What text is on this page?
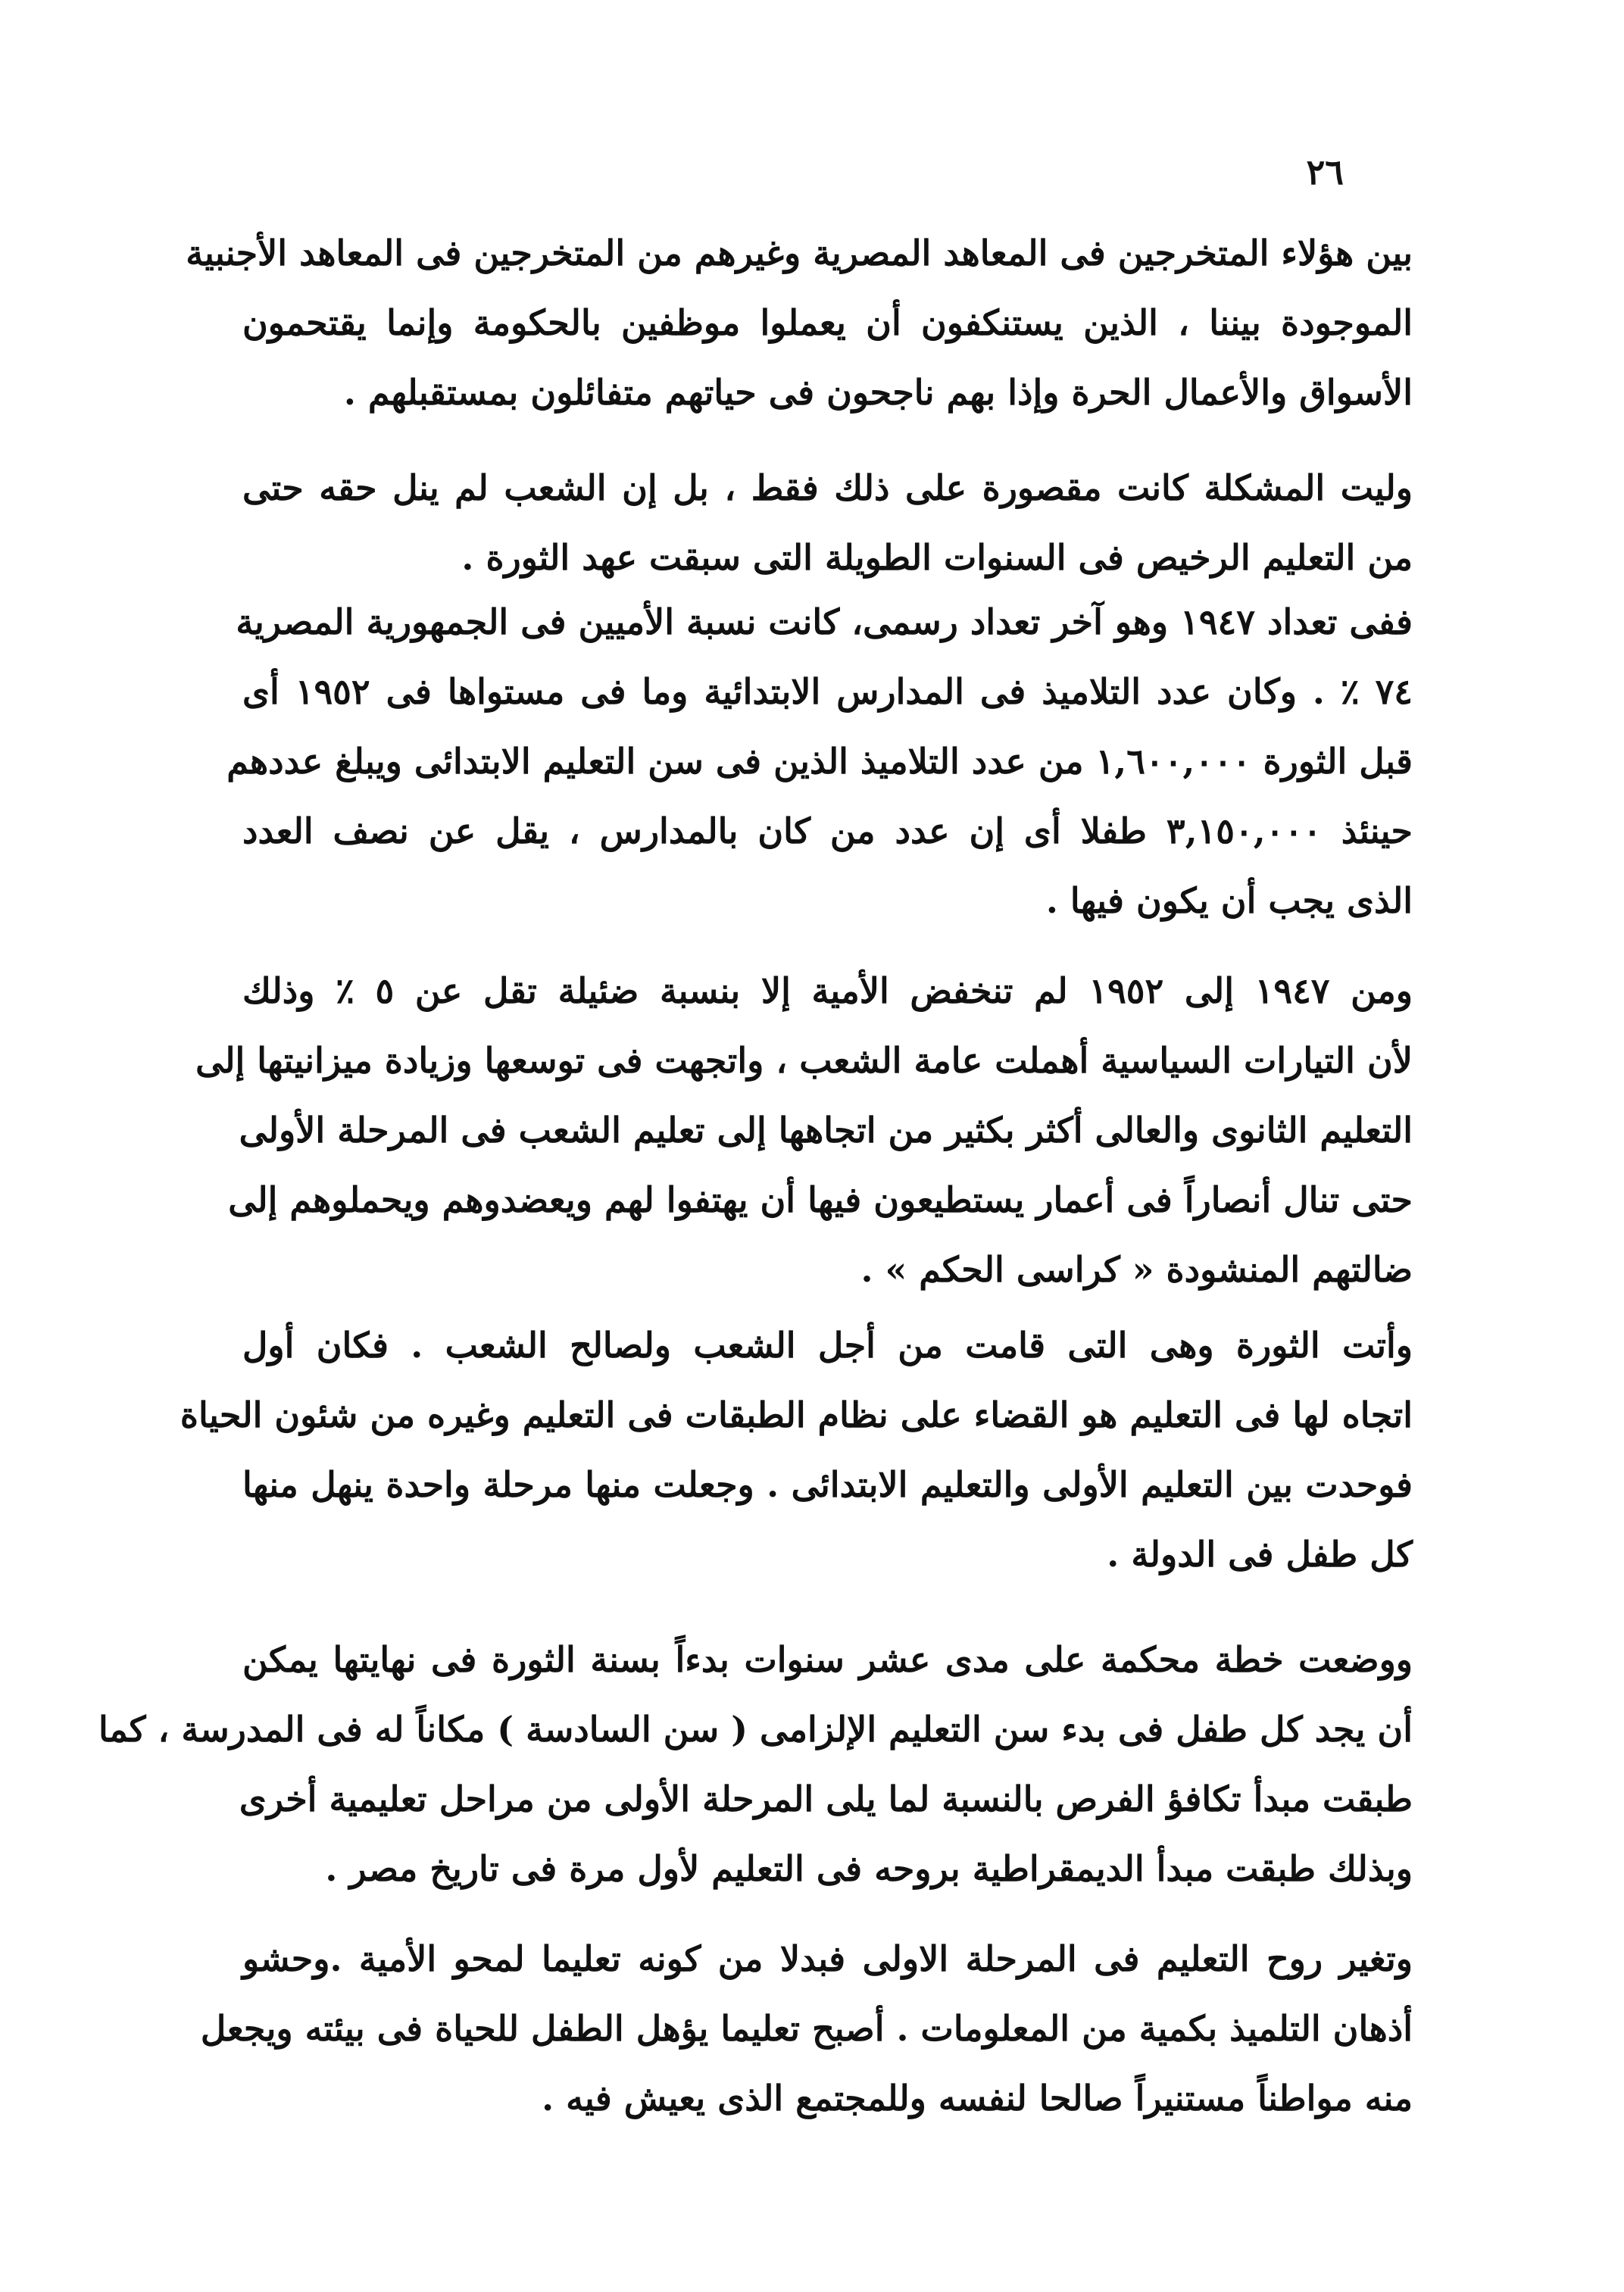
٢٦
بين هؤلاء المتخرجين فى المعاهد المصرية وغيرهم من المتخرجين فى المعاهد الأجنبية
الموجودة بيننا ، الذين يستنكفون أن يعملوا موظفين بالحكومة وإنما يقتحمون
الأسواق والأعمال الحرة وإذا بهم ناجحون فى حياتهم متفائلون بمستقبلهم .
وليت المشكلة كانت مقصورة على ذلك فقط ، بل إن الشعب لم ينل حقه حتى
من التعليم الرخيص فى السنوات الطويلة التى سبقت عهد الثورة .
ففى تعداد ١٩٤٧ وهو آخر تعداد رسمى، كانت نسبة الأميين فى الجمهورية المصرية
٧٤ ٪ . وكان عدد التلاميذ فى المدارس الابتدائية وما فى مستواها فى ١٩٥٢ أى
قبل الثورة ١,٦٠٠,٠٠٠ من عدد التلاميذ الذين فى سن التعليم الابتدائى ويبلغ عددهم
حينئذ ٣,١٥٠,٠٠٠ طفلا أى إن عدد من كان بالمدارس ، يقل عن نصف العدد
الذى يجب أن يكون فيها .
ومن ١٩٤٧ إلى ١٩٥٢ لم تنخفض الأمية إلا بنسبة ضئيلة تقل عن ٥ ٪ وذلك
لأن التيارات السياسية أهملت عامة الشعب ، واتجهت فى توسعها وزيادة ميزانيتها إلى
التعليم الثانوى والعالى أكثر بكثير من اتجاهها إلى تعليم الشعب فى المرحلة الأولى
حتى تنال أنصاراً فى أعمار يستطيعون فيها أن يهتفوا لهم ويعضدوهم ويحملوهم إلى
ضالتهم المنشودة « كراسى الحكم » .
وأتت الثورة وهى التى قامت من أجل الشعب ولصالح الشعب . فكان أول
اتجاه لها فى التعليم هو القضاء على نظام الطبقات فى التعليم وغيره من شئون الحياة
فوحدت بين التعليم الأولى والتعليم الابتدائى . وجعلت منها مرحلة واحدة ينهل منها
كل طفل فى الدولة .
ووضعت خطة محكمة على مدى عشر سنوات بدءاً بسنة الثورة فى نهايتها يمكن
أن يجد كل طفل فى بدء سن التعليم الإلزامى ( سن السادسة ) مكاناً له فى المدرسة ، كما
طبقت مبدأ تكافؤ الفرص بالنسبة لما يلى المرحلة الأولى من مراحل تعليمية أخرى
وبذلك طبقت مبدأ الديمقراطية بروحه فى التعليم لأول مرة فى تاريخ مصر .
وتغير روح التعليم فى المرحلة الاولى فبدلا من كونه تعليما لمحو الأمية .وحشو
أذهان التلميذ بكمية من المعلومات . أصبح تعليما يؤهل الطفل للحياة فى بيئته ويجعل
منه مواطناً مستنيراً صالحا لنفسه وللمجتمع الذى يعيش فيه .
